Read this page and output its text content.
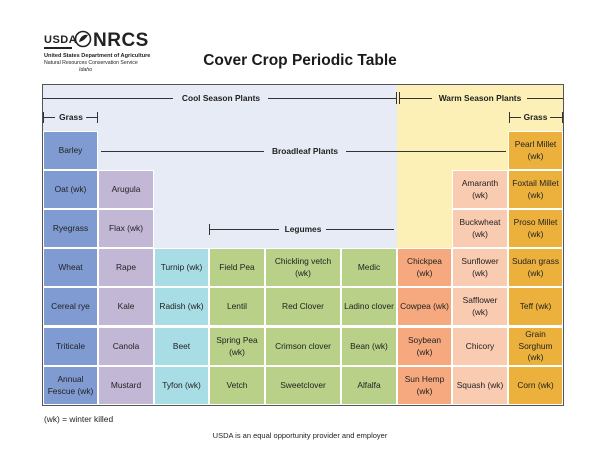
USDA NRCS
United States Department of Agriculture
Natural Resources Conservation Service
Idaho
Cover Crop Periodic Table
Barley
Oat (wk)
Ryegrass
Wheat
Cereal rye
Triticale
Annual Fescue (wk)
Arugula
Flax (wk)
Rape
Kale
Canola
Mustard
Turnip (wk)
Radish (wk)
Beet
Tyfon (wk)
Field Pea
Lentil
Spring Pea (wk)
Vetch
Chickling vetch (wk)
Red Clover
Crimson clover
Sweetclover
Medic
Ladino clover
Bean (wk)
Alfalfa
Chickpea (wk)
Cowpea (wk)
Soybean (wk)
Sun Hemp (wk)
Amaranth (wk)
Buckwheat (wk)
Sunflower (wk)
Safflower (wk)
Chicory
Squash (wk)
Pearl Millet (wk)
Foxtail Millet (wk)
Proso Millet (wk)
Sudan grass (wk)
Teff (wk)
Grain Sorghum (wk)
Corn (wk)
Cool Season Plants	Warm Season Plants
Grass	Grass
Broadleaf Plants
Legumes
(wk) = winter killed
USDA is an equal opportunity provider and employer
